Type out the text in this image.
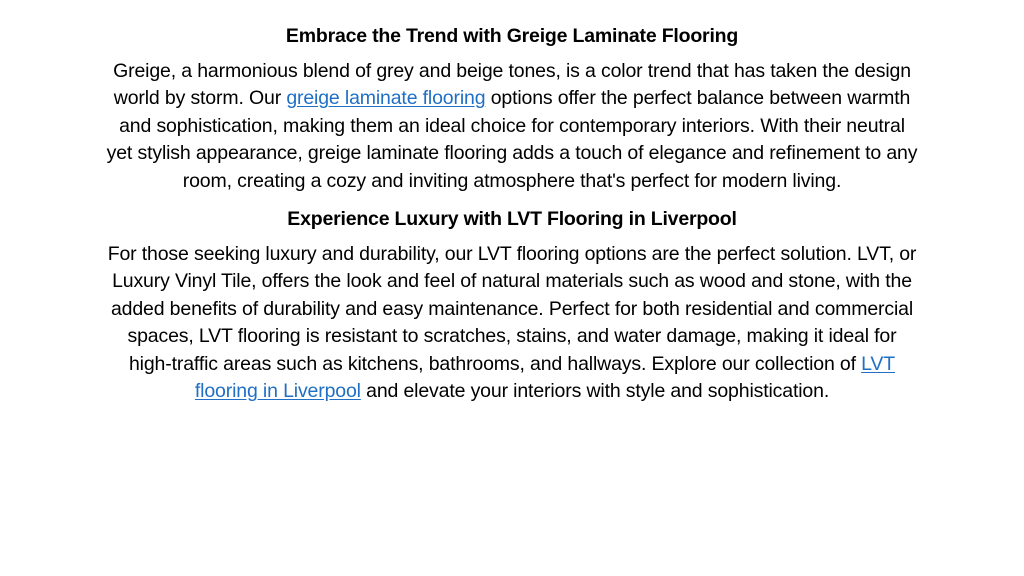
Embrace the Trend with Greige Laminate Flooring

Greige, a harmonious blend of grey and beige tones, is a color trend that has taken the design world by storm. Our greige laminate flooring options offer the perfect balance between warmth and sophistication, making them an ideal choice for contemporary interiors. With their neutral yet stylish appearance, greige laminate flooring adds a touch of elegance and refinement to any room, creating a cozy and inviting atmosphere that's perfect for modern living.

Experience Luxury with LVT Flooring in Liverpool

For those seeking luxury and durability, our LVT flooring options are the perfect solution. LVT, or Luxury Vinyl Tile, offers the look and feel of natural materials such as wood and stone, with the added benefits of durability and easy maintenance. Perfect for both residential and commercial spaces, LVT flooring is resistant to scratches, stains, and water damage, making it ideal for high-traffic areas such as kitchens, bathrooms, and hallways. Explore our collection of LVT flooring in Liverpool and elevate your interiors with style and sophistication.
